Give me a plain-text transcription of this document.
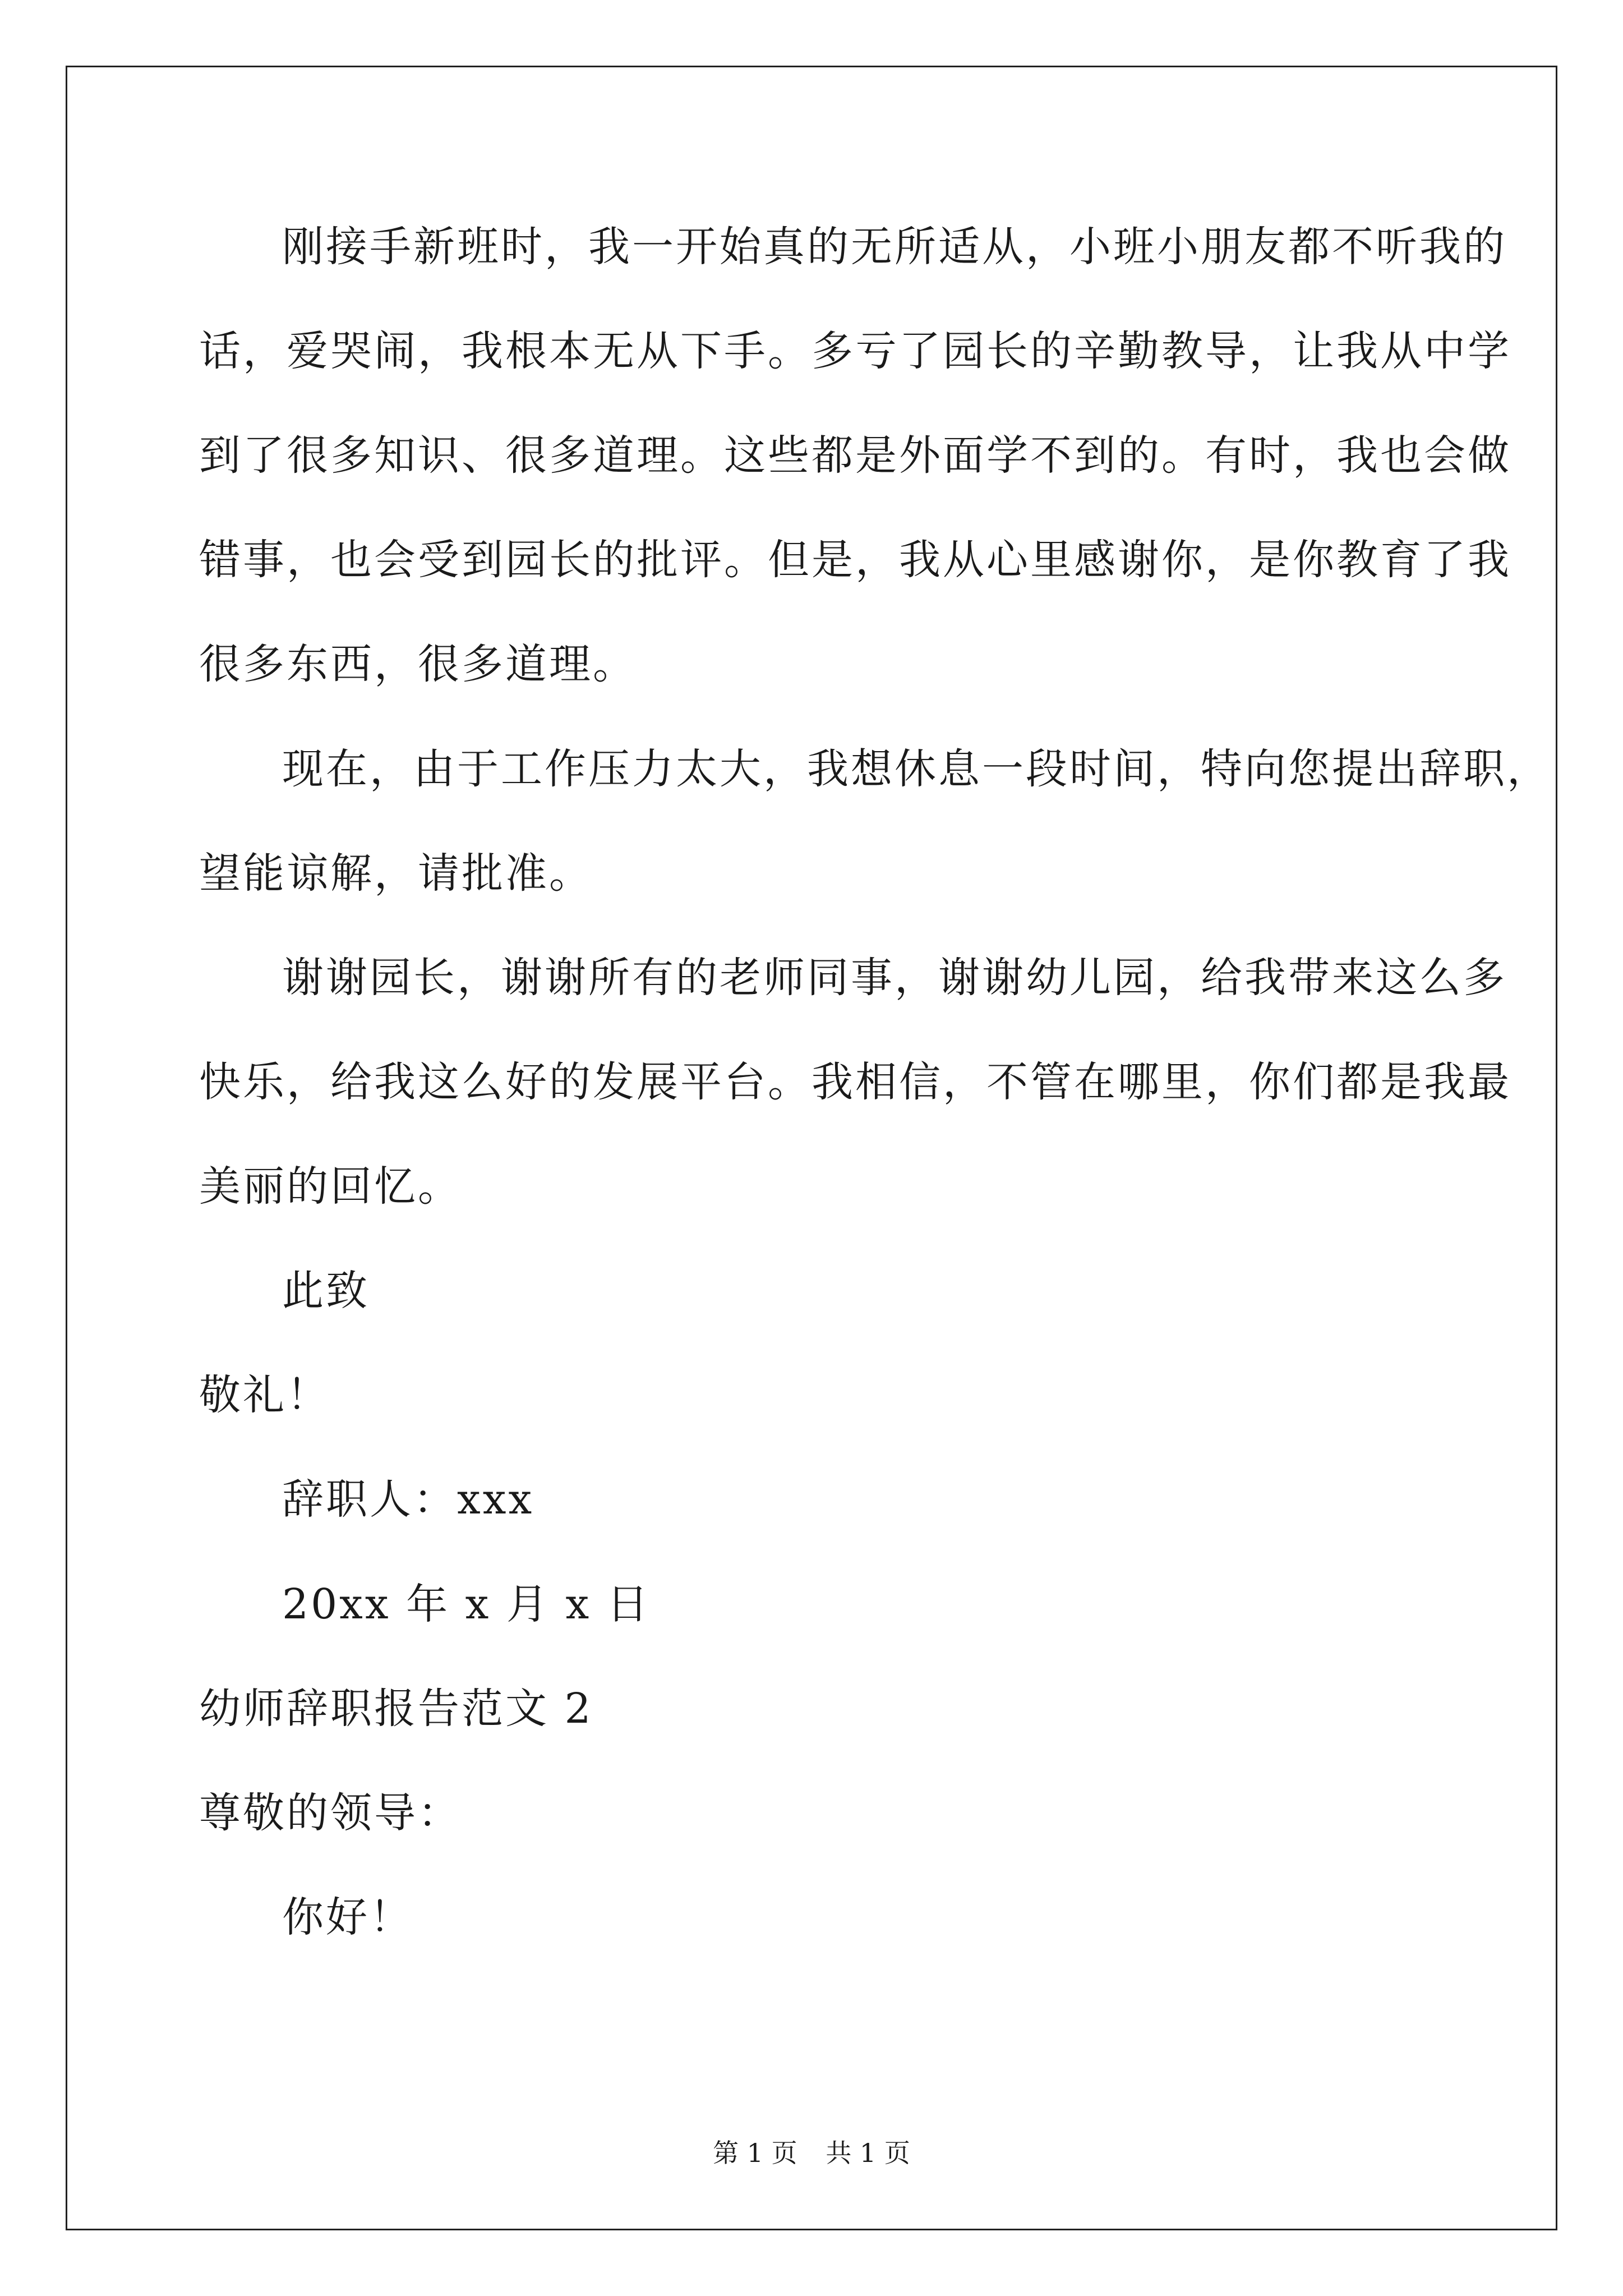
刚接手新班时，我一开始真的无所适从，小班小朋友都不听我的
话，爱哭闹，我根本无从下手。多亏了园长的辛勤教导，让我从中学
到了很多知识、很多道理。这些都是外面学不到的。有时，我也会做
错事，也会受到园长的批评。但是，我从心里感谢你，是你教育了我
很多东西，很多道理。
现在，由于工作压力太大，我想休息一段时间，特向您提出辞职，
望能谅解，请批准。
谢谢园长，谢谢所有的老师同事，谢谢幼儿园，给我带来这么多
快乐，给我这么好的发展平台。我相信，不管在哪里，你们都是我最
美丽的回忆。
此致
敬礼！
辞职人：xxx
20xx 年 x 月 x 日
幼师辞职报告范文 2
尊敬的领导：
你好！
第 1 页 共 1 页
